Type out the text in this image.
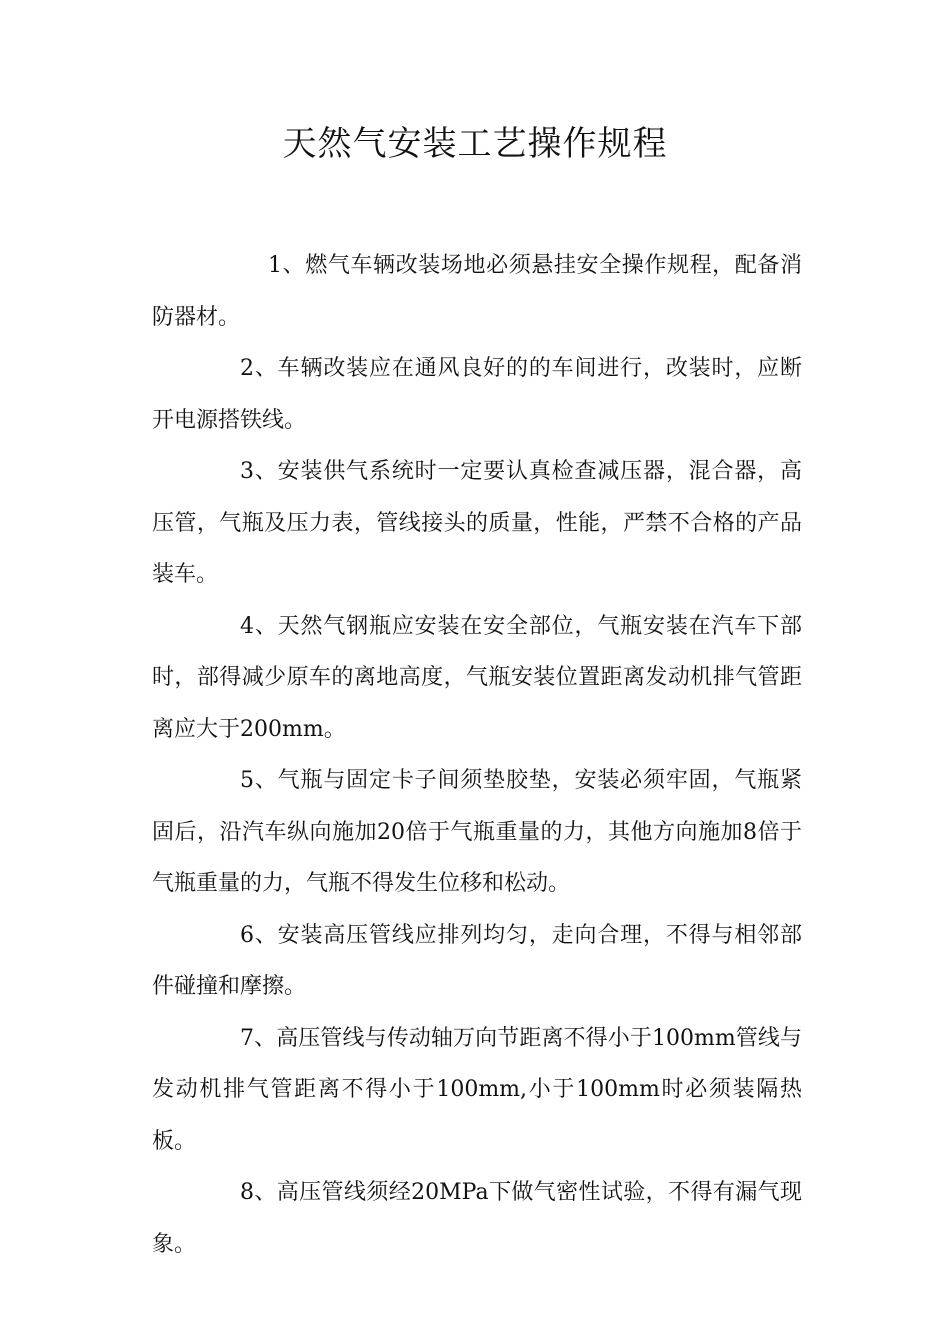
天然气安装工艺操作规程

1、燃气车辆改装场地必须悬挂安全操作规程，配备消防器材。

2、车辆改装应在通风良好的的车间进行，改装时，应断开电源搭铁线。

3、安装供气系统时一定要认真检查减压器，混合器，高压管，气瓶及压力表，管线接头的质量，性能，严禁不合格的产品装车。

4、天然气钢瓶应安装在安全部位，气瓶安装在汽车下部时，部得减少原车的离地高度，气瓶安装位置距离发动机排气管距离应大于200mm。

5、气瓶与固定卡子间须垫胶垫，安装必须牢固，气瓶紧固后，沿汽车纵向施加20倍于气瓶重量的力，其他方向施加8倍于气瓶重量的力，气瓶不得发生位移和松动。

6、安装高压管线应排列均匀，走向合理，不得与相邻部件碰撞和摩擦。

7、高压管线与传动轴万向节距离不得小于100mm管线与发动机排气管距离不得小于100mm,小于100mm时必须装隔热板。

8、高压管线须经20MPa下做气密性试验，不得有漏气现象。
